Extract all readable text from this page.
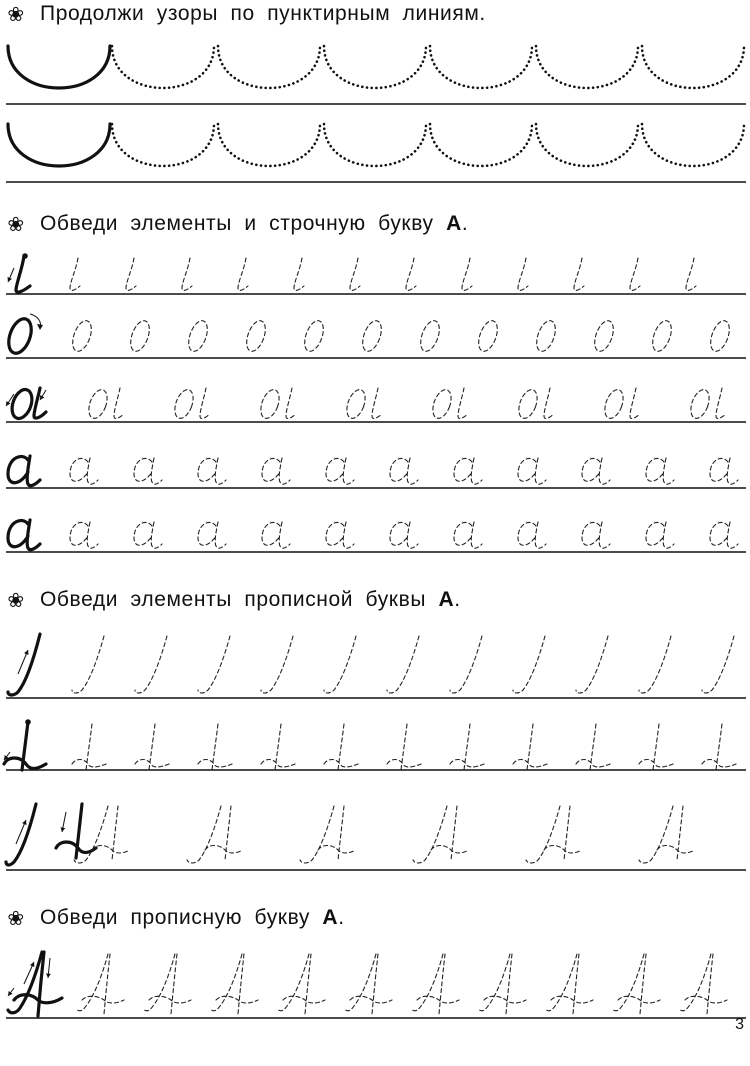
❀ Продолжи узоры по пунктирным линиям.
❀ Обведи элементы и строчную букву А.
❀ Обведи элементы прописной буквы А.
❀ Обведи прописную букву А.
3
